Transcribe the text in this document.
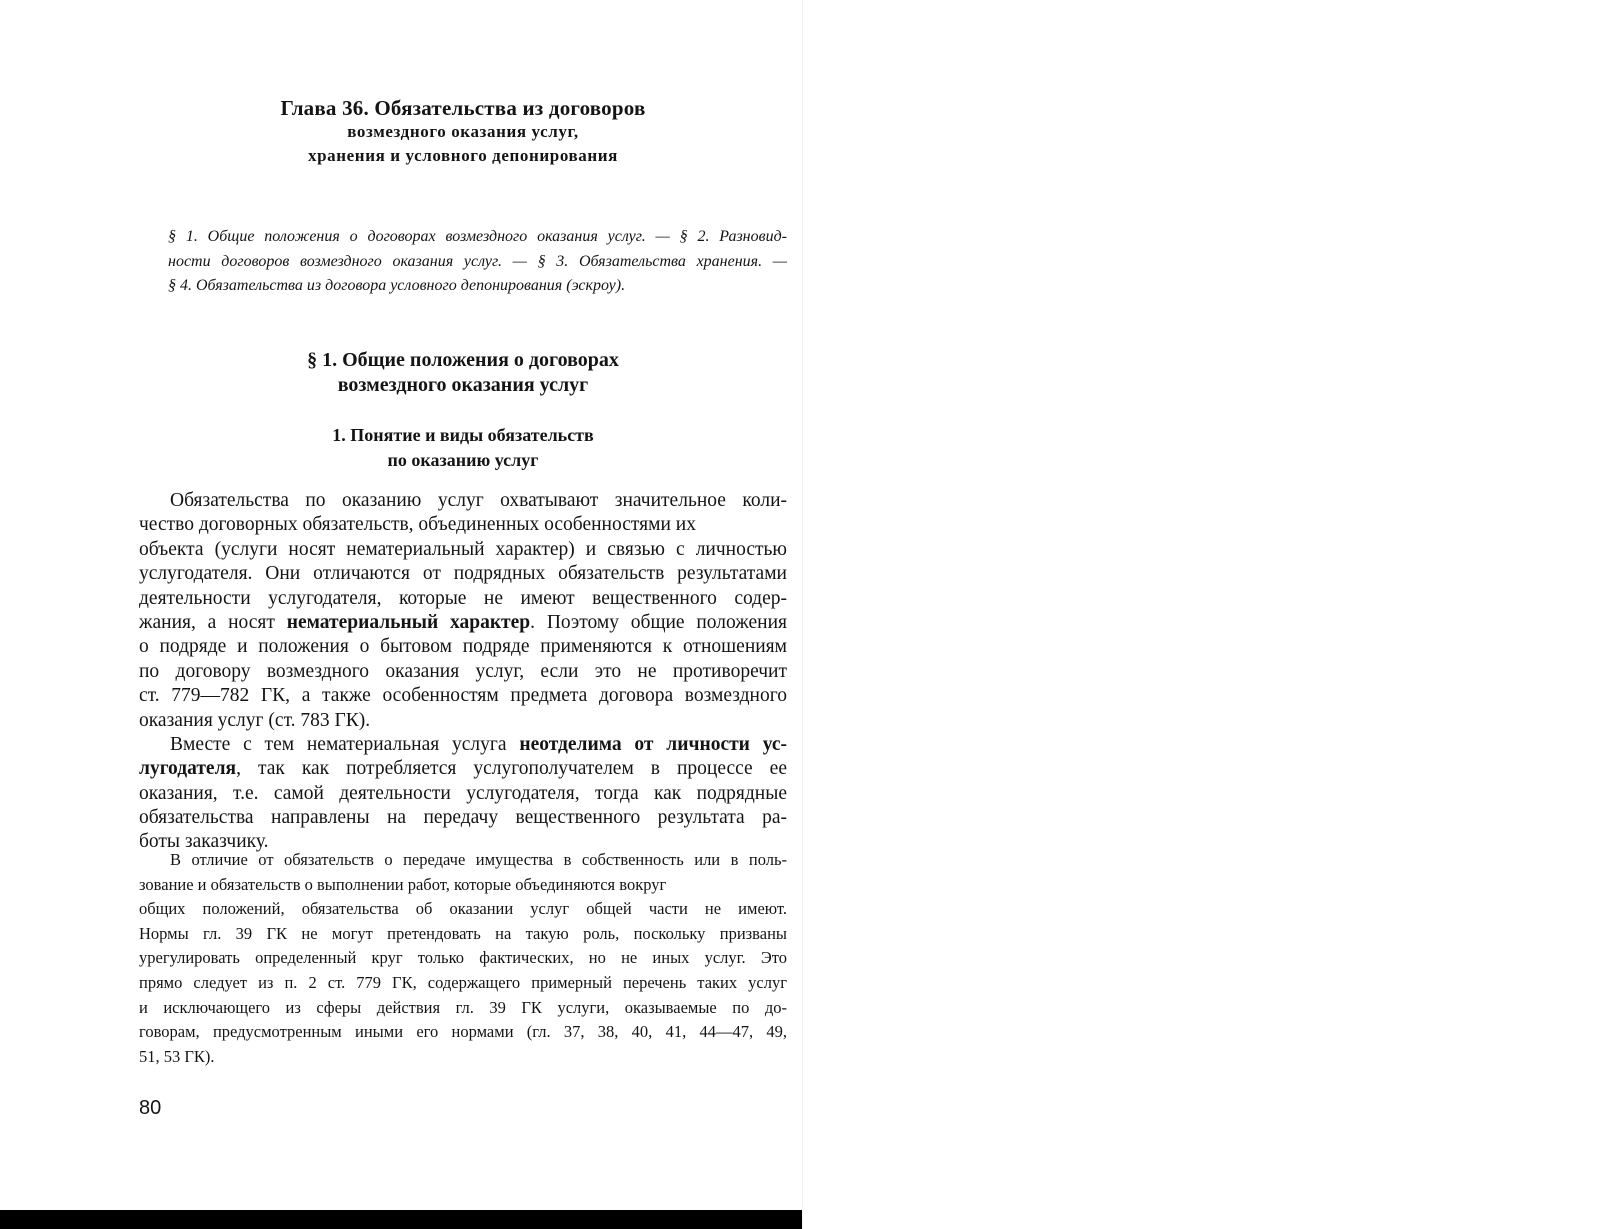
Глава 36. Обязательства из договоров
возмездного оказания услуг,
хранения и условного депонирования
§ 1. Общие положения о договорах возмездного оказания услуг. — § 2. Разновид-
ности договоров возмездного оказания услуг. — § 3. Обязательства хранения. —
§ 4. Обязательства из договора условного депонирования (эскроу).
§ 1. Общие положения о договорах
возмездного оказания услуг
1. Понятие и виды обязательств
по оказанию услуг
Обязательства по оказанию услуг охватывают значительное коли-
чество договорных обязательств, объединенных особенностями их
объекта (услуги носят нематериальный характер) и связью с личностью
услугодателя. Они отличаются от подрядных обязательств результатами
деятельности услугодателя, которые не имеют вещественного содер-
жания, а носят нематериальный характер. Поэтому общие положения
о подряде и положения о бытовом подряде применяются к отношениям
по договору возмездного оказания услуг, если это не противоречит
ст. 779—782 ГК, а также особенностям предмета договора возмездного
оказания услуг (ст. 783 ГК).
Вместе с тем нематериальная услуга неотделима от личности ус-
лугодателя, так как потребляется услугополучателем в процессе ее
оказания, т.е. самой деятельности услугодателя, тогда как подрядные
обязательства направлены на передачу вещественного результата ра-
боты заказчику.
В отличие от обязательств о передаче имущества в собственность или в поль-
зование и обязательств о выполнении работ, которые объединяются вокруг
общих положений, обязательства об оказании услуг общей части не имеют.
Нормы гл. 39 ГК не могут претендовать на такую роль, поскольку призваны
урегулировать определенный круг только фактических, но не иных услуг. Это
прямо следует из п. 2 ст. 779 ГК, содержащего примерный перечень таких услуг
и исключающего из сферы действия гл. 39 ГК услуги, оказываемые по до-
говорам, предусмотренным иными его нормами (гл. 37, 38, 40, 41, 44—47, 49,
51, 53 ГК).
80
